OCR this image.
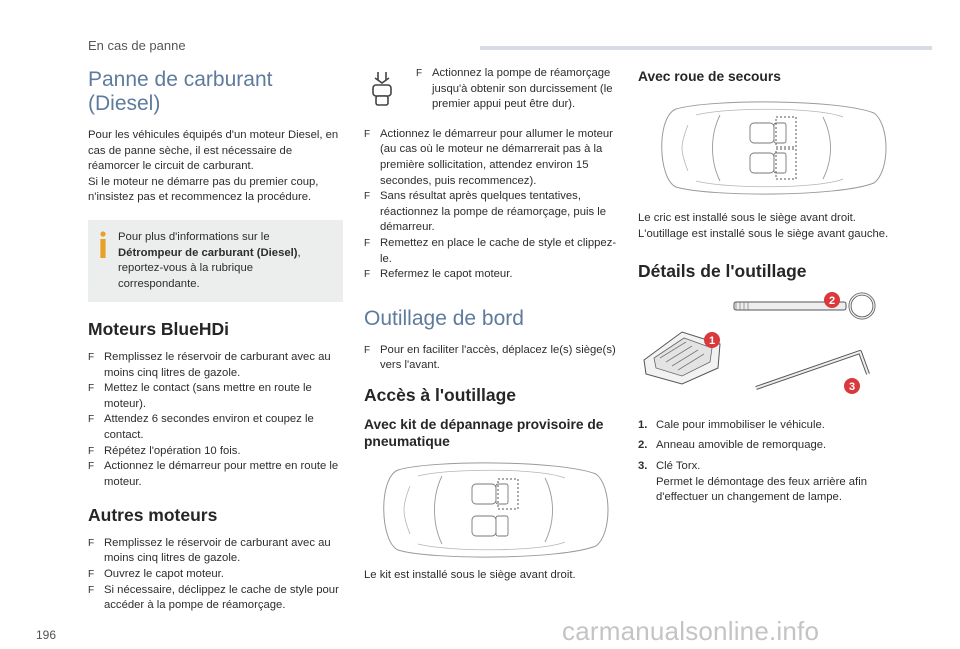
En cas de panne
196	carmanualsonline.info
Panne de carburant
(Diesel)

Pour les véhicules équipés d'un moteur Diesel, en cas de panne sèche, il est nécessaire de réamorcer le circuit de carburant.

Si le moteur ne démarre pas du premier coup, n'insistez pas et recommencez la procédure.

Pour plus d'informations sur le Détrompeur de carburant (Diesel), reportez-vous à la rubrique correspondante.

Moteurs BlueHDi
F Remplissez le réservoir de carburant avec au moins cinq litres de gazole.
F Mettez le contact (sans mettre en route le moteur).
F Attendez 6 secondes environ et coupez le contact.
F Répétez l'opération 10 fois.
F Actionnez le démarreur pour mettre en route le moteur.
Autres moteurs
F Remplissez le réservoir de carburant avec au moins cinq litres de gazole.
F Ouvrez le capot moteur.
F Si nécessaire, déclippez le cache de style pour accéder à la pompe de réamorçage.
F Actionnez la pompe de réamorçage jusqu'à obtenir son durcissement (le premier appui peut être dur).
F Actionnez le démarreur pour allumer le moteur (au cas où le moteur ne démarrerait pas à la première sollicitation, attendez environ 15 secondes, puis recommencez).
F Sans résultat après quelques tentatives, réactionnez la pompe de réamorçage, puis le démarreur.
F Remettez en place le cache de style et clippez-le.
F Refermez le capot moteur.
Outillage de bord
F Pour en faciliter l'accès, déplacez le(s) siège(s) vers l'avant.
Accès à l'outillage
Avec kit de dépannage provisoire de pneumatique

Le kit est installé sous le siège avant droit.

Avec roue de secours

Le cric est installé sous le siège avant droit. L'outillage est installé sous le siège avant gauche.

Détails de l'outillage
1
2
3
1. Cale pour immobiliser le véhicule.
2. Anneau amovible de remorquage.
3. Clé Torx.
Permet le démontage des feux arrière afin d'effectuer un changement de lampe.
